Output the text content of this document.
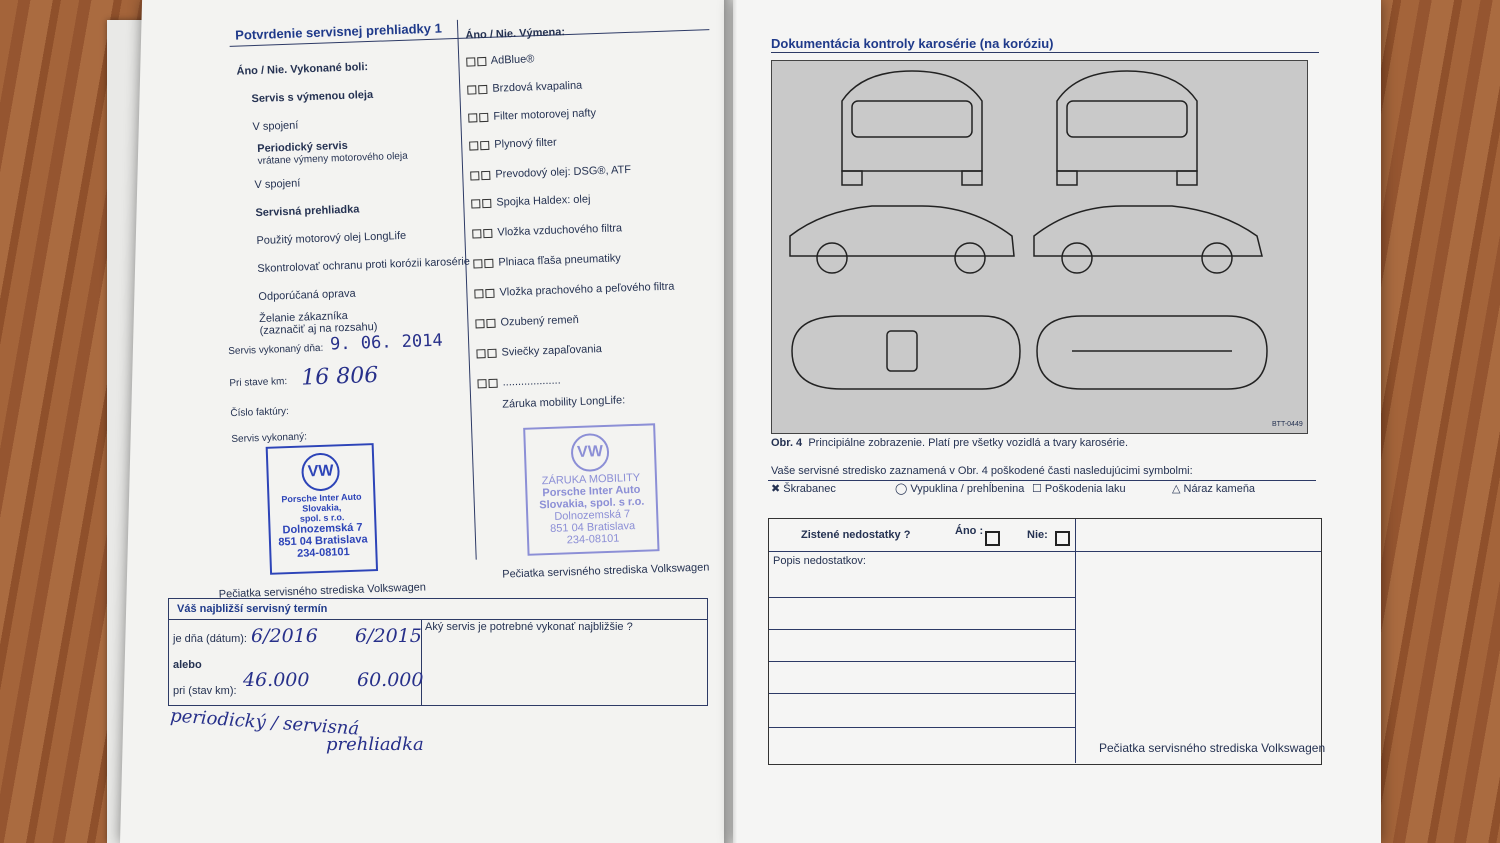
Potvrdenie servisnej prehliadky 1
Áno / Nie. Vykonané boli:
Áno / Nie. Výmena:
Servis s výmenou oleja
V spojení
Periodický servis
vrátane výmeny motorového oleja
V spojení
Servisná prehliadka
Použitý motorový olej LongLife
Skontrolovať ochranu proti korózii karosérie
Odporúčaná oprava
Želanie zákazníka
(zaznačiť aj na rozsahu)
Servis vykonaný dňa: 9. 06. 2014
Pri stave km: 16 806
Číslo faktúry:
Servis vykonaný:
AdBlue®
Brzdová kvapalina
Filter motorovej nafty
Plynový filter
Prevodový olej: DSG®, ATF
Spojka Haldex: olej
Vložka vzduchového filtra
Plniaca fľaša pneumatiky
Vložka prachového a peľového filtra
Ozubený remeň
Sviečky zapaľovania
...................
Záruka mobility LongLife:
VW
Porsche Inter Auto Slovakia,
spol. s r.o.
Dolnozemská 7
851 04 Bratislava
234-08101
VW
ZÁRUKA MOBILITY
Porsche Inter Auto
Slovakia, spol. s r.o.
Dolnozemská 7
851 04 Bratislava
234-08101
Pečiatka servisného strediska Volkswagen
Pečiatka servisného strediska Volkswagen
Váš najbližší servisný termín
je dňa (dátum): 6/2016 6/2015
alebo
pri (stav km): 46.000	60.000
Aký servis je potrebné vykonať najbližšie ?
periodický / servisná
prehliadka
Dokumentácia kontroly karosérie (na koróziu)
BTT-0449
Obr. 4 Principiálne zobrazenie. Platí pre všetky vozidlá a tvary karosérie.
Vaše servisné stredisko zaznamená v Obr. 4 poškodené časti nasledujúcimi symbolmi:
✖ Škrabanec	◯ Vypuklina / prehĺbenina ☐ Poškodenia laku	△ Náraz kameňa
Zistené nedostatky ?	Áno :	Nie:
Popis nedostatkov:
Pečiatka servisného strediska Volkswagen
